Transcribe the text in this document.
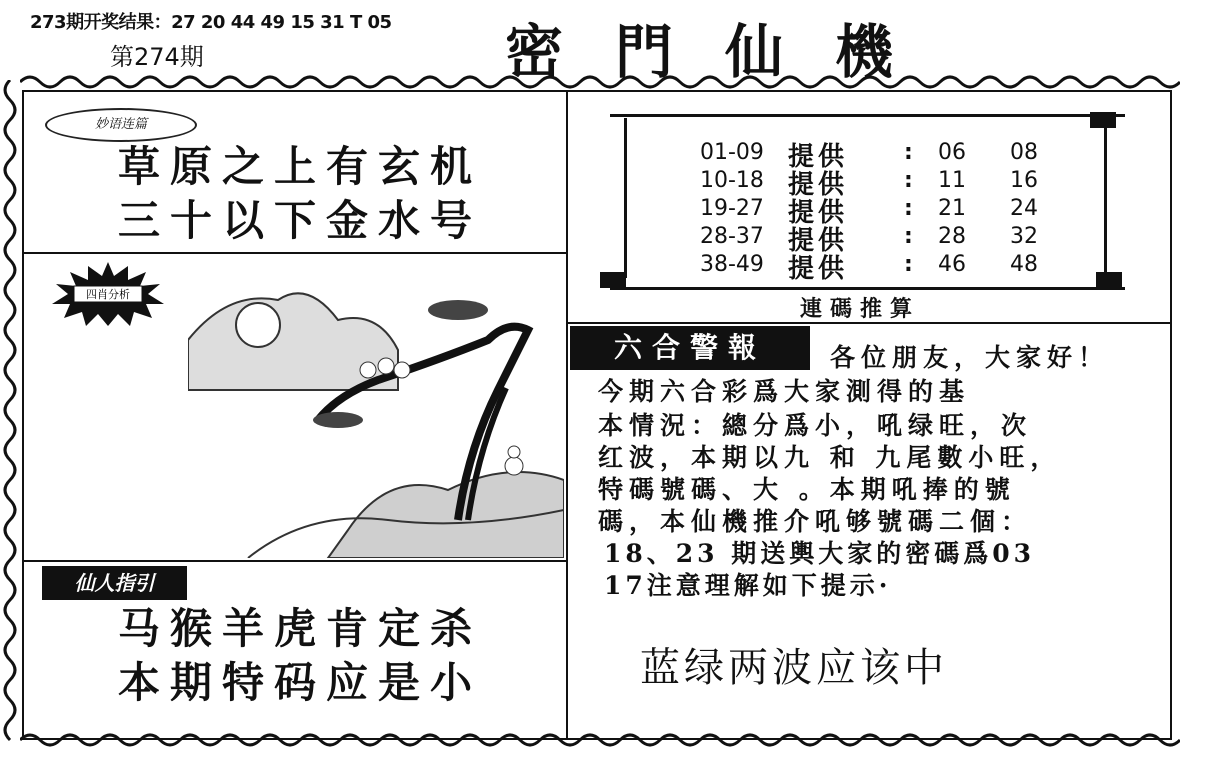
273期开奖结果：27 20 44 49 15 31 T 05
第274期	密門仙機
妙语连篇
草原之上有玄机
三十以下金水号
四肖分析
仙人指引
马猴羊虎肯定杀
本期特码应是小
01-09 提供	: 06 08
10-18 提供	: 11 16
19-27 提供	: 21 24
28-37 提供	: 28 32
38-49 提供	: 46 48
連碼推算
六合警報	各位朋友，大家好！
今期六合彩爲大家測得的基
本情況：總分爲小，吼绿旺，次
红波，本期以九 和 九尾數小旺，
特碼號碼、大 。本期吼捧的號
碼，本仙機推介吼够號碼二個：
18、23 期送輿大家的密碼爲03
17注意理解如下提示·
蓝绿两波应该中
